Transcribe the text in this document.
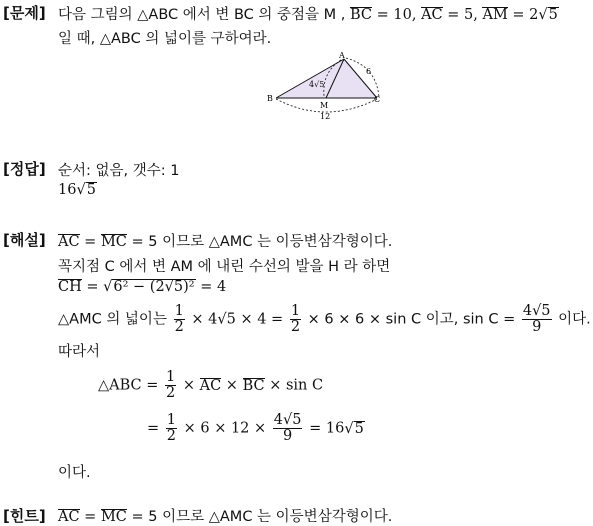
[문제] 다음 그림의 △ABC 에서 변 BC 의 중점을 M , BC = 10, AC = 5, AM = 2√5
일 때, △ABC 의 넓이를 구하여라.
A
B	C
M
4√5
6
12
[정답] 순서: 없음, 갯수: 1
16√5
[해설] AC = MC = 5 이므로 △AMC 는 이등변삼각형이다.
꼭지점 C 에서 변 AM 에 내린 수선의 발을 H 라 하면
CH = √6² − (2√5)² = 4
△AMC 의 넓이는 $\frac{1}{2} \times 4√5 \times 4 = \frac{1}{2} \times 6 \times 6 \times \sin C$ 이고, $\sin C = \frac{4√5}{9}$ 이다.
따라서
△ABC = $\frac{1}{2}$ × AC × BC × sin C
= $\frac{1}{2} \times 6 \times 12 \times \frac{4√5}{9} = 16√5$
이다.
[힌트] AC = MC = 5 이므로 △AMC 는 이등변삼각형이다.
